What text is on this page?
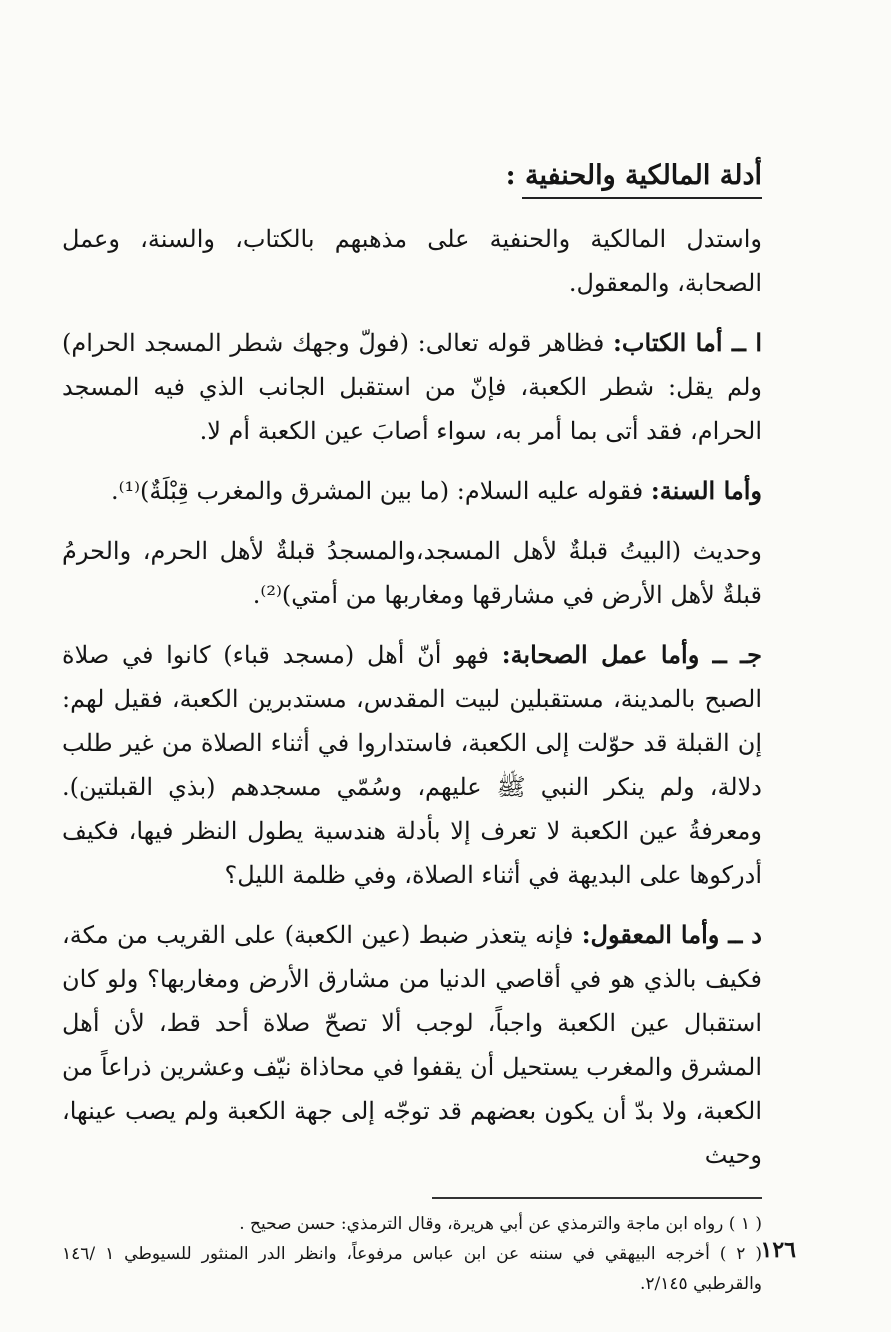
أدلة المالكية والحنفية :

واستدل المالكية والحنفية على مذهبهم بالكتاب، والسنة، وعمل الصحابة، والمعقول.

ا ــ أما الكتاب: فظاهر قوله تعالى: (فولّ وجهك شطر المسجد الحرام) ولم يقل: شطر الكعبة، فإنّ من استقبل الجانب الذي فيه المسجد الحرام، فقد أتى بما أمر به، سواء أصابَ عين الكعبة أم لا.

وأما السنة: فقوله عليه السلام: (ما بين المشرق والمغرب قِبْلَةٌ)⁽¹⁾.

وحديث (البيتُ قبلةٌ لأهل المسجد،والمسجدُ قبلةٌ لأهل الحرم، والحرمُ قبلةٌ لأهل الأرض في مشارقها ومغاربها من أمتي)⁽²⁾.

جـ ــ وأما عمل الصحابة: فهو أنّ أهل (مسجد قباء) كانوا في صلاة الصبح بالمدينة، مستقبلين لبيت المقدس، مستدبرين الكعبة، فقيل لهم: إن القبلة قد حوّلت إلى الكعبة، فاستداروا في أثناء الصلاة من غير طلب دلالة، ولم ينكر النبي ﷺ عليهم، وسُمّي مسجدهم (بذي القبلتين). ومعرفةُ عين الكعبة لا تعرف إلا بأدلة هندسية يطول النظر فيها، فكيف أدركوها على البديهة في أثناء الصلاة، وفي ظلمة الليل؟

د ــ وأما المعقول: فإنه يتعذر ضبط (عين الكعبة) على القريب من مكة، فكيف بالذي هو في أقاصي الدنيا من مشارق الأرض ومغاربها؟ ولو كان استقبال عين الكعبة واجباً، لوجب ألا تصحّ صلاة أحد قط، لأن أهل المشرق والمغرب يستحيل أن يقفوا في محاذاة نيّف وعشرين ذراعاً من الكعبة، ولا بدّ أن يكون بعضهم قد توجّه إلى جهة الكعبة ولم يصب عينها، وحيث

( ١ ) رواه ابن ماجة والترمذي عن أبي هريرة، وقال الترمذي: حسن صحيح .

( ٢ ) أخرجه البيهقي في سننه عن ابن عباس مرفوعاً، وانظر الدر المنثور للسيوطي ١ /١٤٦ والقرطبي ٢/١٤٥.

١٢٦
